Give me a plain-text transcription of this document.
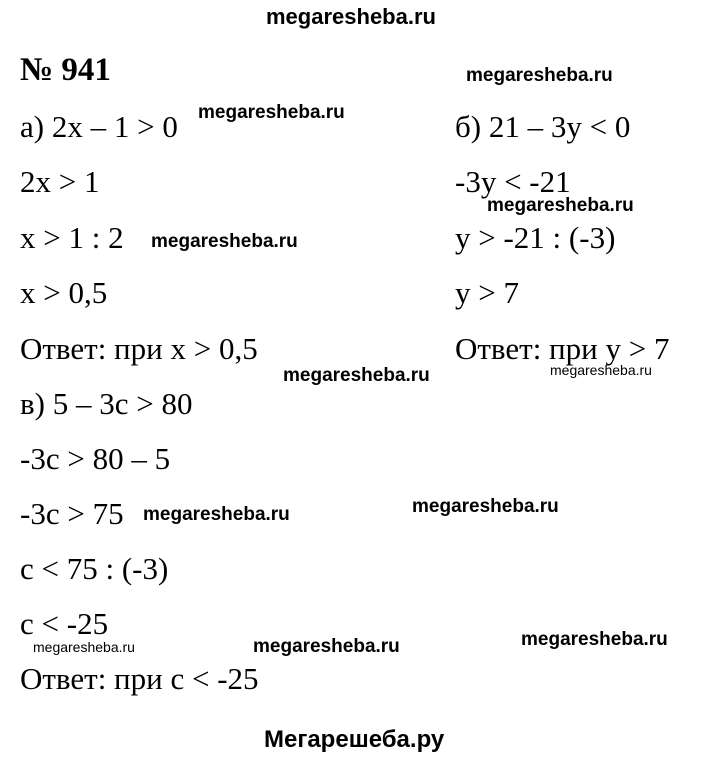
megaresheba.ru
№ 941	megaresheba.ru
а) 2x – 1 > 0 megaresheba.ru
2x > 1
x > 1 : 2 megaresheba.ru
x > 0,5
Ответ: при x > 0,5
б) 21 – 3y < 0
-3y < -21
megaresheba.ru
y > -21 : (-3)
y > 7
Ответ: при y > 7
megaresheba.ru
megaresheba.ru
в) 5 – 3c > 80
-3c > 80 – 5
-3c > 75 megaresheba.ru	megaresheba.ru
c < 75 : (-3)
c < -25
megaresheba.ru	megaresheba.ru	megaresheba.ru
Ответ: при c < -25
Мегарешеба.ру
